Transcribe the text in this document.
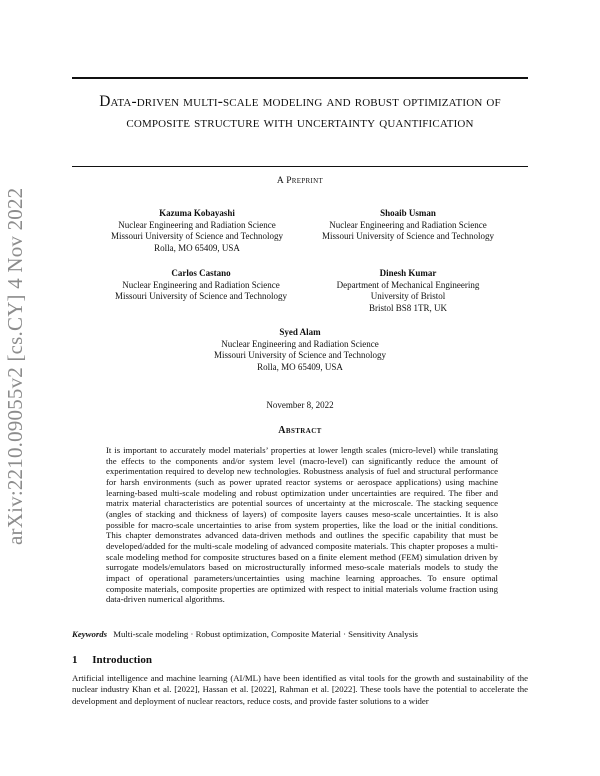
arXiv:2210.09055v2 [cs.CY] 4 Nov 2022
Data-driven multi-scale modeling and robust optimization of composite structure with uncertainty quantification
A Preprint
Kazuma Kobayashi
Nuclear Engineering and Radiation Science
Missouri University of Science and Technology
Rolla, MO 65409, USA
Shoaib Usman
Nuclear Engineering and Radiation Science
Missouri University of Science and Technology
Carlos Castano
Nuclear Engineering and Radiation Science
Missouri University of Science and Technology
Dinesh Kumar
Department of Mechanical Engineering
University of Bristol
Bristol BS8 1TR, UK
Syed Alam
Nuclear Engineering and Radiation Science
Missouri University of Science and Technology
Rolla, MO 65409, USA
November 8, 2022
Abstract
It is important to accurately model materials’ properties at lower length scales (micro-level) while translating the effects to the components and/or system level (macro-level) can significantly reduce the amount of experimentation required to develop new technologies. Robustness analysis of fuel and structural performance for harsh environments (such as power uprated reactor systems or aerospace applications) using machine learning-based multi-scale modeling and robust optimization under uncertainties are required. The fiber and matrix material characteristics are potential sources of uncertainty at the microscale. The stacking sequence (angles of stacking and thickness of layers) of composite layers causes meso-scale uncertainties. It is also possible for macro-scale uncertainties to arise from system properties, like the load or the initial conditions. This chapter demonstrates advanced data-driven methods and outlines the specific capability that must be developed/added for the multi-scale modeling of advanced composite materials. This chapter proposes a multi-scale modeling method for composite structures based on a finite element method (FEM) simulation driven by surrogate models/emulators based on microstructurally informed meso-scale materials models to study the impact of operational parameters/uncertainties using machine learning approaches. To ensure optimal composite materials, composite properties are optimized with respect to initial materials volume fraction using data-driven numerical algorithms.
Keywords Multi-scale modeling · Robust optimization, Composite Material · Sensitivity Analysis
1 Introduction
Artificial intelligence and machine learning (AI/ML) have been identified as vital tools for the growth and sustainability of the nuclear industry Khan et al. [2022], Hassan et al. [2022], Rahman et al. [2022]. These tools have the potential to accelerate the development and deployment of nuclear reactors, reduce costs, and provide faster solutions to a wider
